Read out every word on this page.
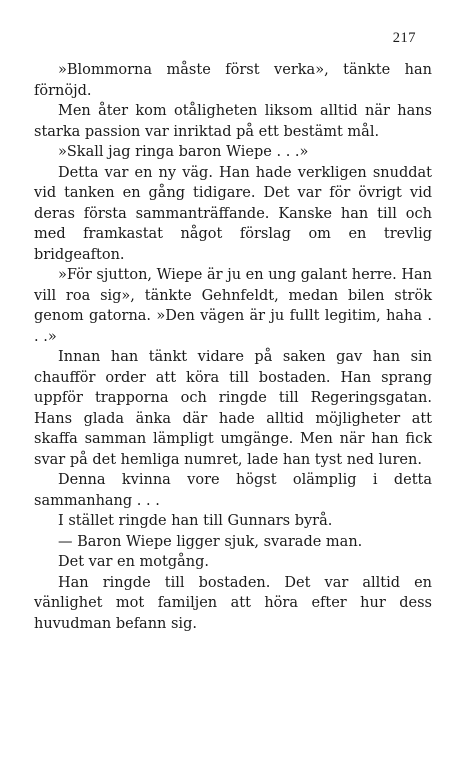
217

»Blommorna måste först verka», tänkte han förnöjd.

Men åter kom otåligheten liksom alltid när hans starka passion var inriktad på ett bestämt mål.

»Skall jag ringa baron Wiepe . . .»

Detta var en ny väg. Han hade verkligen snuddat vid tanken en gång tidigare. Det var för övrigt vid deras första sammanträffande. Kanske han till och med framkastat något förslag om en trevlig bridgeafton.

»För sjutton, Wiepe är ju en ung galant herre. Han vill roa sig», tänkte Gehnfeldt, medan bilen strök genom gatorna. »Den vägen är ju fullt legitim, haha . . .»

Innan han tänkt vidare på saken gav han sin chaufför order att köra till bostaden. Han sprang uppför trapporna och ringde till Regeringsgatan. Hans glada änka där hade alltid möjligheter att skaffa samman lämpligt umgänge. Men när han fick svar på det hemliga numret, lade han tyst ned luren.

Denna kvinna vore högst olämplig i detta sammanhang . . .

I stället ringde han till Gunnars byrå.

— Baron Wiepe ligger sjuk, svarade man.

Det var en motgång.

Han ringde till bostaden. Det var alltid en vänlighet mot familjen att höra efter hur dess huvudman befann sig.
